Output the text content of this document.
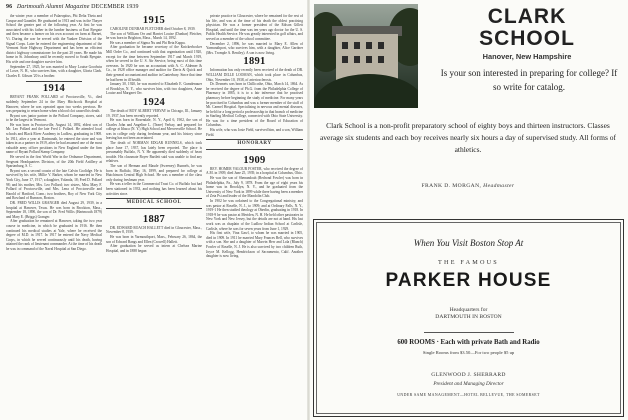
96 Dartmouth Alumni Magazine DECEMBER 1939

the winter year: a member of Palaeopitus, Phi Delta Theta and Casque and Gauntlet. He graduated in 1913 and was in the Thayer School the greater part of the following year. At first he was associated with his father in the lumber business at East Ryegate and then became a farmer on his own account on farm at Barnet, Vt. During the war he served with the Yankee Division of the Signal Corps. Later he entered the engineering department of the Vermont State Highway Department and has been an efficient district highway commissioner for the past 20 years. He made his home in St. Johnsbury until he recently moved to South Ryegate. His wife and one daughter survive him.

September 27, 1925, he was married to Mary Louise Goodwin of Lowe, N. H., who survives him, with a daughter, Gloria Clark. Charles E. Gibson '20 is a brother.

1914

BRYANT FRANK POLLARD of Proctorsville, Vt., died suddenly September 24 in the Mary Hitchcock Hospital at Hanover, where he was operated upon two weeks previous. He was preparing to return home when a blood clot caused his death.

Bryant was junior partner in the Pollard Company, stores, said to be the largest in Vermont.

He was born in Proctorsville, August 14, 1892, eldest son of Mr. Leo Pollard and the late Fred J. Pollard. He attended local schools and Black River Academy in Ludlow, graduating in 1908. In 1911, after a year at Dartmouth, he entered the store and was taken in as a partner in 1919, after he had assumed one of the most valuable army officer positions in New England under the firm name of Bryant Pollard Stamp Company.

He served in the first World War in the Ordnance Department, Sergeant Headquarters Division, of the 20th Field Artillery at Spartanburg, S. C.

Bryant was a second cousin of the late Calvin Coolidge. He is survived by his wife, Millie V. Barker, whom he married in New York City, June 17, 1917; a daughter, Yolanda, 18; Fred D. Pollard 98; and his mother, Mrs. Leo Pollard; two sisters, Miss Mary F. Pollard of Proctorsville, and Mrs. Lena of Proctorsville and Harold of Hartford, Conn.; two brothers, Roy of New York City and Rowland of Rumson, Boston.

DR. FRED WILLIS GRANGER died August 29, 1939, in a hospital at Hanover, Texas. He was born in Brockton, Mass., September 18, 1890, the son of Dr. Fred Willis (Hartmouth 1879) and Mary E. (Briggs) Granger.

After graduation he remained at Hanover, taking the two year course in medicine, in which he graduated in 1916. He then continued his medical studies at Yale, where he received the degree of M.D. in 1917. In 1917 he entered the Navy Medical Corps, in which he served continuously until his death, having attained the rank of lieutenant commander. At the time of his death he was in command of the Naval Hospital at San Diego.

1915

CAROLINE DUNBAR FLETCHER died October 8, 1939.

The son of William Orr and Harriet Louise (Dunbar) Fletcher, he was born in Brighton, Mass., March 14, 1892.

He was a member of Sigma Nu and Phi Beta Kappa.

After graduation he became secretary of the Knickerbocker Mill Order Co., and continued with that organization until 1920, except for the time between September 1917 and March 1919, when he served in the U. S. Air Service, being most of this time overseas. In 1920 he was an accountant with A. C. Aldemer & Co., in 1928 office manager and auditor for Davis & Quick and their general accountant and auditor in Canterbury. Since that time he had been in ill health.

January 30, 1920, he was married to Elizabeth E. Gumdenauer of Brooklyn, N. Y., who survives him, with two daughters, Anne Louise and Margaret Orr.

1924

The death of ROY ALBERT VERVAY in Chicago, Ill., January 19, 1937, has been recently reported.

He was born in Rosendale, N. Y., April 6, 1902, the son of Charles John and Angeline L. (Teare) Verbay, and prepared for college at Ithaca (N. Y.) High School and Mercersville School. He was in college only during freshman year, and his history since leaving has not been ascertained.

The death of NORMAN EDGAR RUNNELS, which took place June 17, 1937, has lately been reported. The place is presumably Buffalo, N. Y. He apparently died suddenly of heart trouble. His classmate Boyer Bartlett said was unable to find any relatives.

The son of Herman and Maude (Sweeney) Runnels, he was born in Buffalo, May 16, 1899, and prepared for college at Hutchinson Central High School. He was a member of the class only during freshman year.

He was a teller in the Commercial Trust Co. of Buffalo but had been stationed in 1933, and nothing has been learned about his activities since.

MEDICAL SCHOOL
1887

DR. EDWARD ROACH HALLETT died in Gloucester, Mass., November 8, 1939.

He was born in Yarmouthport, Mass., February 26, 1864, the son of Edward Bangs and Ellen (Crowell) Hallett.

After graduation he served as intern at Chelsea Marine Hospital, and in 1888 began

private practice in Gloucester, where he remained for the rest of his life, and was at the time of his death the oldest practising physician. He was a former president of the Edison Gillett Hospital, and until the time was ten years ago doctor for the U. S. Public Health Service. He was greatly interested in golf affairs, and served as a member of the school committee.

December 2, 1896, he was married to Mary E. Allen of Yarmouthport, who survives him, with a daughter, Alice Gardner (Mrs. Tromple A. Bentley). A son is now living.

1891

Information has only recently been received of the death of DR. WILLIAM DILLE LOOMAN, which took place in Columbus, Ohio, November 10, 1938, of arteriosclerosis.

Dr. Desmets was born in Chillicothe, Ohio, March 14, 1864. As he received the degree of Ph.G. from the Philadelphia College of Pharmacy in 1885, it is to a fair inference that he practised pharmacy before beginning the study of medicine. For many years he practised in Columbus and was a former member of the staff of Mt. Carmel Hospital. Specializing in nervous and mental diseases, he held for a long period a professorship in that branch of medicine in Starling Medical College, connected with Ohio State University. He was for a time president of the Board of Education of Columbus.

His wife, who was Josie Field, survived him, and a son, William Field.

HONORARY
1909

REV. HOMER VALOUR FOSTER, who received the degree of A.M. in 1909, died June 25, 1939, in a hospital at Columbus, Ohio.

He was the son of Shenandoah (Bedrond Fowler) was born in Philadelphia, Pa., July 9, 1878. From the age of eight years his home was in Brooklyn, N. Y., and he graduated from the University of New York in 1899 while there having been a member of Zeta Psi and leader of the Mandolin Club.

In 1902 he was ordained to the Congregational ministry, and was pastor at Roselle, N. J., to 1909; and at Ordinary Falls, N. Y., 1919-1 He then studied theology at Oberlin, graduating in 1918. In 1918-9 he was pastor at Meriden, N. H. He held other pastorates in New York and New Jersey, but the details are not at hand. His last work was as chaplain of the Ludlow Indian School at Carlisle, Carlisle, where he was for seven years from June 1, 1929.

His first wife, Vina Gawl, to whom he was married in 1905, died in 1909. In 1911 he married Mary Frances Bell, who survives with a son. She and a daughter of Marvin Herr and Lola (Blanch) Fowler of Roselle, N. J. He is also survived by two children Ruth, Joyce M. Kellogg, Hendrickson of Sacramento, Calif. Another daughter is now living.

CLARK
SCHOOL
Hanover, New Hampshire
Is your son interested in preparing for college? If so write for catalog.
Clark School is a non-profit preparatory school of eighty boys and thirteen instructors. Classes average six students and each boy receives nearly six hours a day of supervised study. All forms of athletics.
FRANK D. MORGAN, Headmaster
When You Visit Boston Stop At
THE FAMOUS
PARKER HOUSE
Headquarters for
DARTMOUTH IN BOSTON
600 ROOMS · Each with private Bath and Radio
Single Rooms from $3.50—For two people $5 up
GLENWOOD J. SHERRARD
President and Managing Director
UNDER SAME MANAGEMENT—HOTEL BELLEVUE, THE SOMERSET
